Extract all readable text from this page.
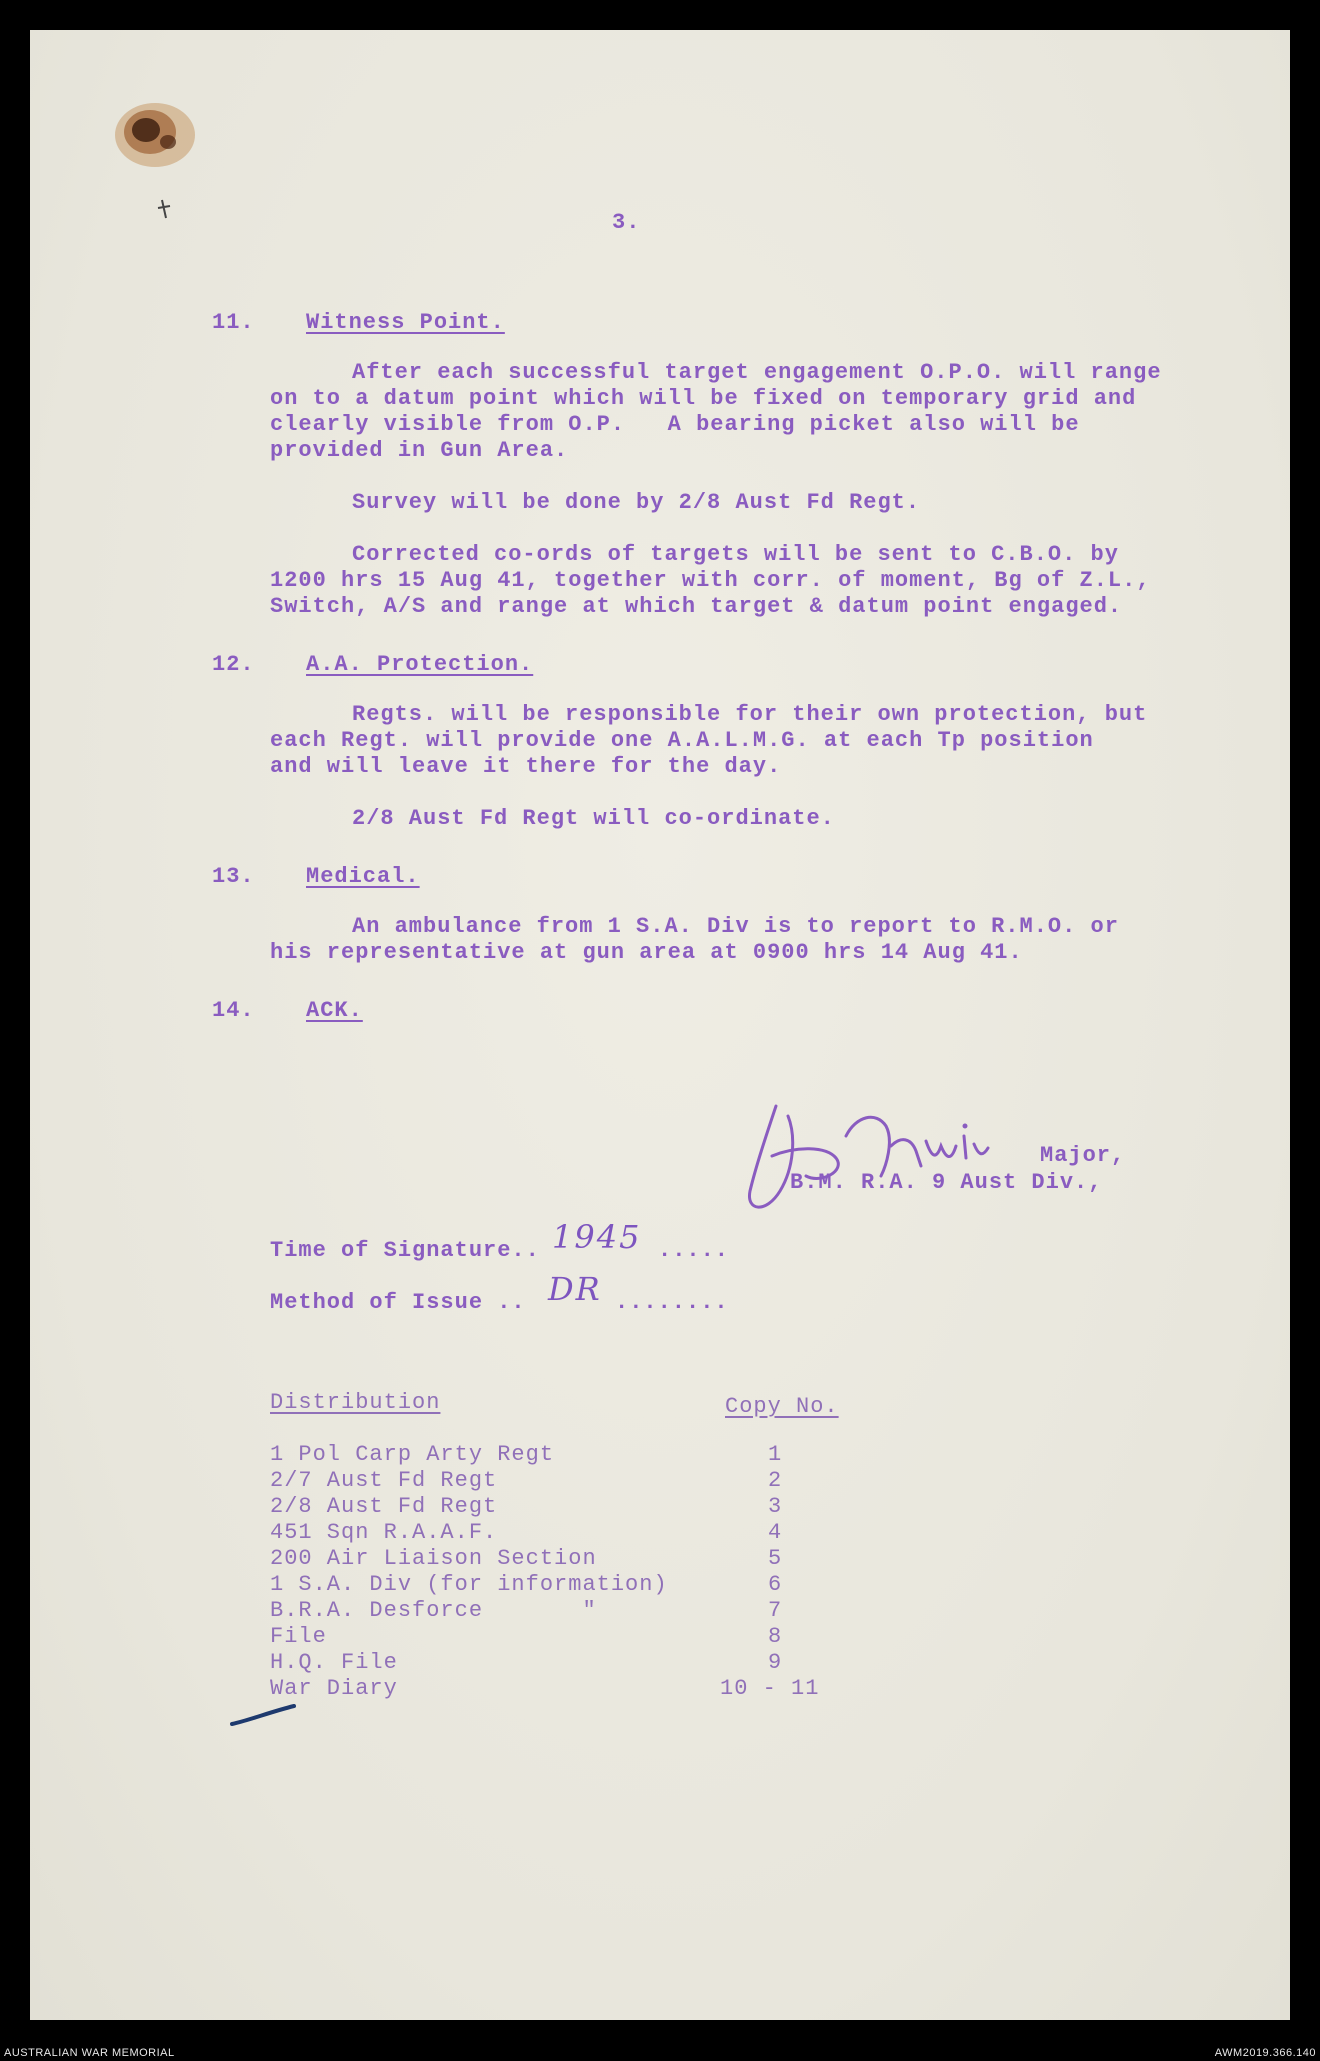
3.
11. Witness Point.
After each successful target engagement O.P.O. will range
on to a datum point which will be fixed on temporary grid and
clearly visible from O.P.   A bearing picket also will be
provided in Gun Area.
Survey will be done by 2/8 Aust Fd Regt.
Corrected co-ords of targets will be sent to C.B.O. by
1200 hrs 15 Aug 41, together with corr. of moment, Bg of Z.L.,
Switch, A/S and range at which target & datum point engaged.
12. A.A. Protection.
Regts. will be responsible for their own protection, but
each Regt. will provide one A.A.L.M.G. at each Tp position
and will leave it there for the day.
2/8 Aust Fd Regt will co-ordinate.
13. Medical.
An ambulance from 1 S.A. Div is to report to R.M.O. or
his representative at gun area at 0900 hrs 14 Aug 41.
14. ACK.
Major,
B.M. R.A. 9 Aust Div.,
Time of Signature.. 1945 .....
Method of Issue .. DR ........
Distribution	Copy No.
1 Pol Carp Arty Regt	1
2/7 Aust Fd Regt	2
2/8 Aust Fd Regt	3
451 Sqn R.A.A.F.	4
200 Air Liaison Section	5
1 S.A. Div (for information)	6
B.R.A. Desforce       "	7
File	8
H.Q. File	9
War Diary	10 - 11
AUSTRALIAN WAR MEMORIAL	AWM2019.366.140
